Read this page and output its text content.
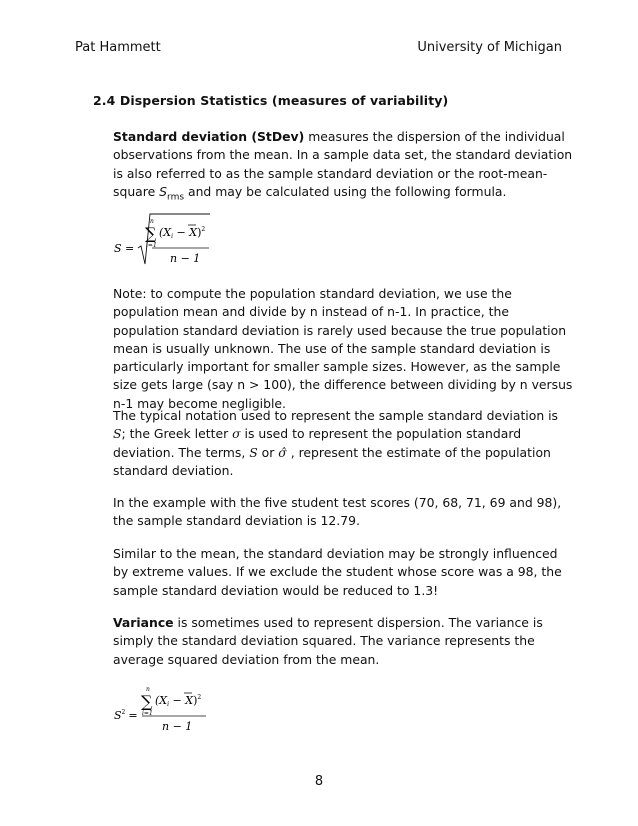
Pat Hammett	University of Michigan
2.4 Dispersion Statistics (measures of variability)

Standard deviation (StDev) measures the dispersion of the individual observations from the mean. In a sample data set, the standard deviation is also referred to as the sample standard deviation or the root-mean-square $S_{rms}$ and may be calculated using the following formula.

S =
n
∑
i=1
$(Xi - X)^2$
n − 1

Note: to compute the population standard deviation, we use the population mean and divide by n instead of n-1. In practice, the population standard deviation is rarely used because the true population mean is usually unknown. The use of the sample standard deviation is particularly important for smaller sample sizes. However, as the sample size gets large (say n > 100), the difference between dividing by n versus n-1 may become negligible.

The typical notation used to represent the sample standard deviation is S; the Greek letter σ is used to represent the population standard deviation. The terms, S or σ̂ , represent the estimate of the population standard deviation.

In the example with the five student test scores (70, 68, 71, 69 and 98), the sample standard deviation is 12.79.

Similar to the mean, the standard deviation may be strongly influenced by extreme values. If we exclude the student whose score was a 98, the sample standard deviation would be reduced to 1.3!

Variance is sometimes used to represent dispersion. The variance is simply the standard deviation squared. The variance represents the average squared deviation from the mean.

$S^2$ =
n
∑
i=1
$(Xi - X)^2$
n − 1
8
